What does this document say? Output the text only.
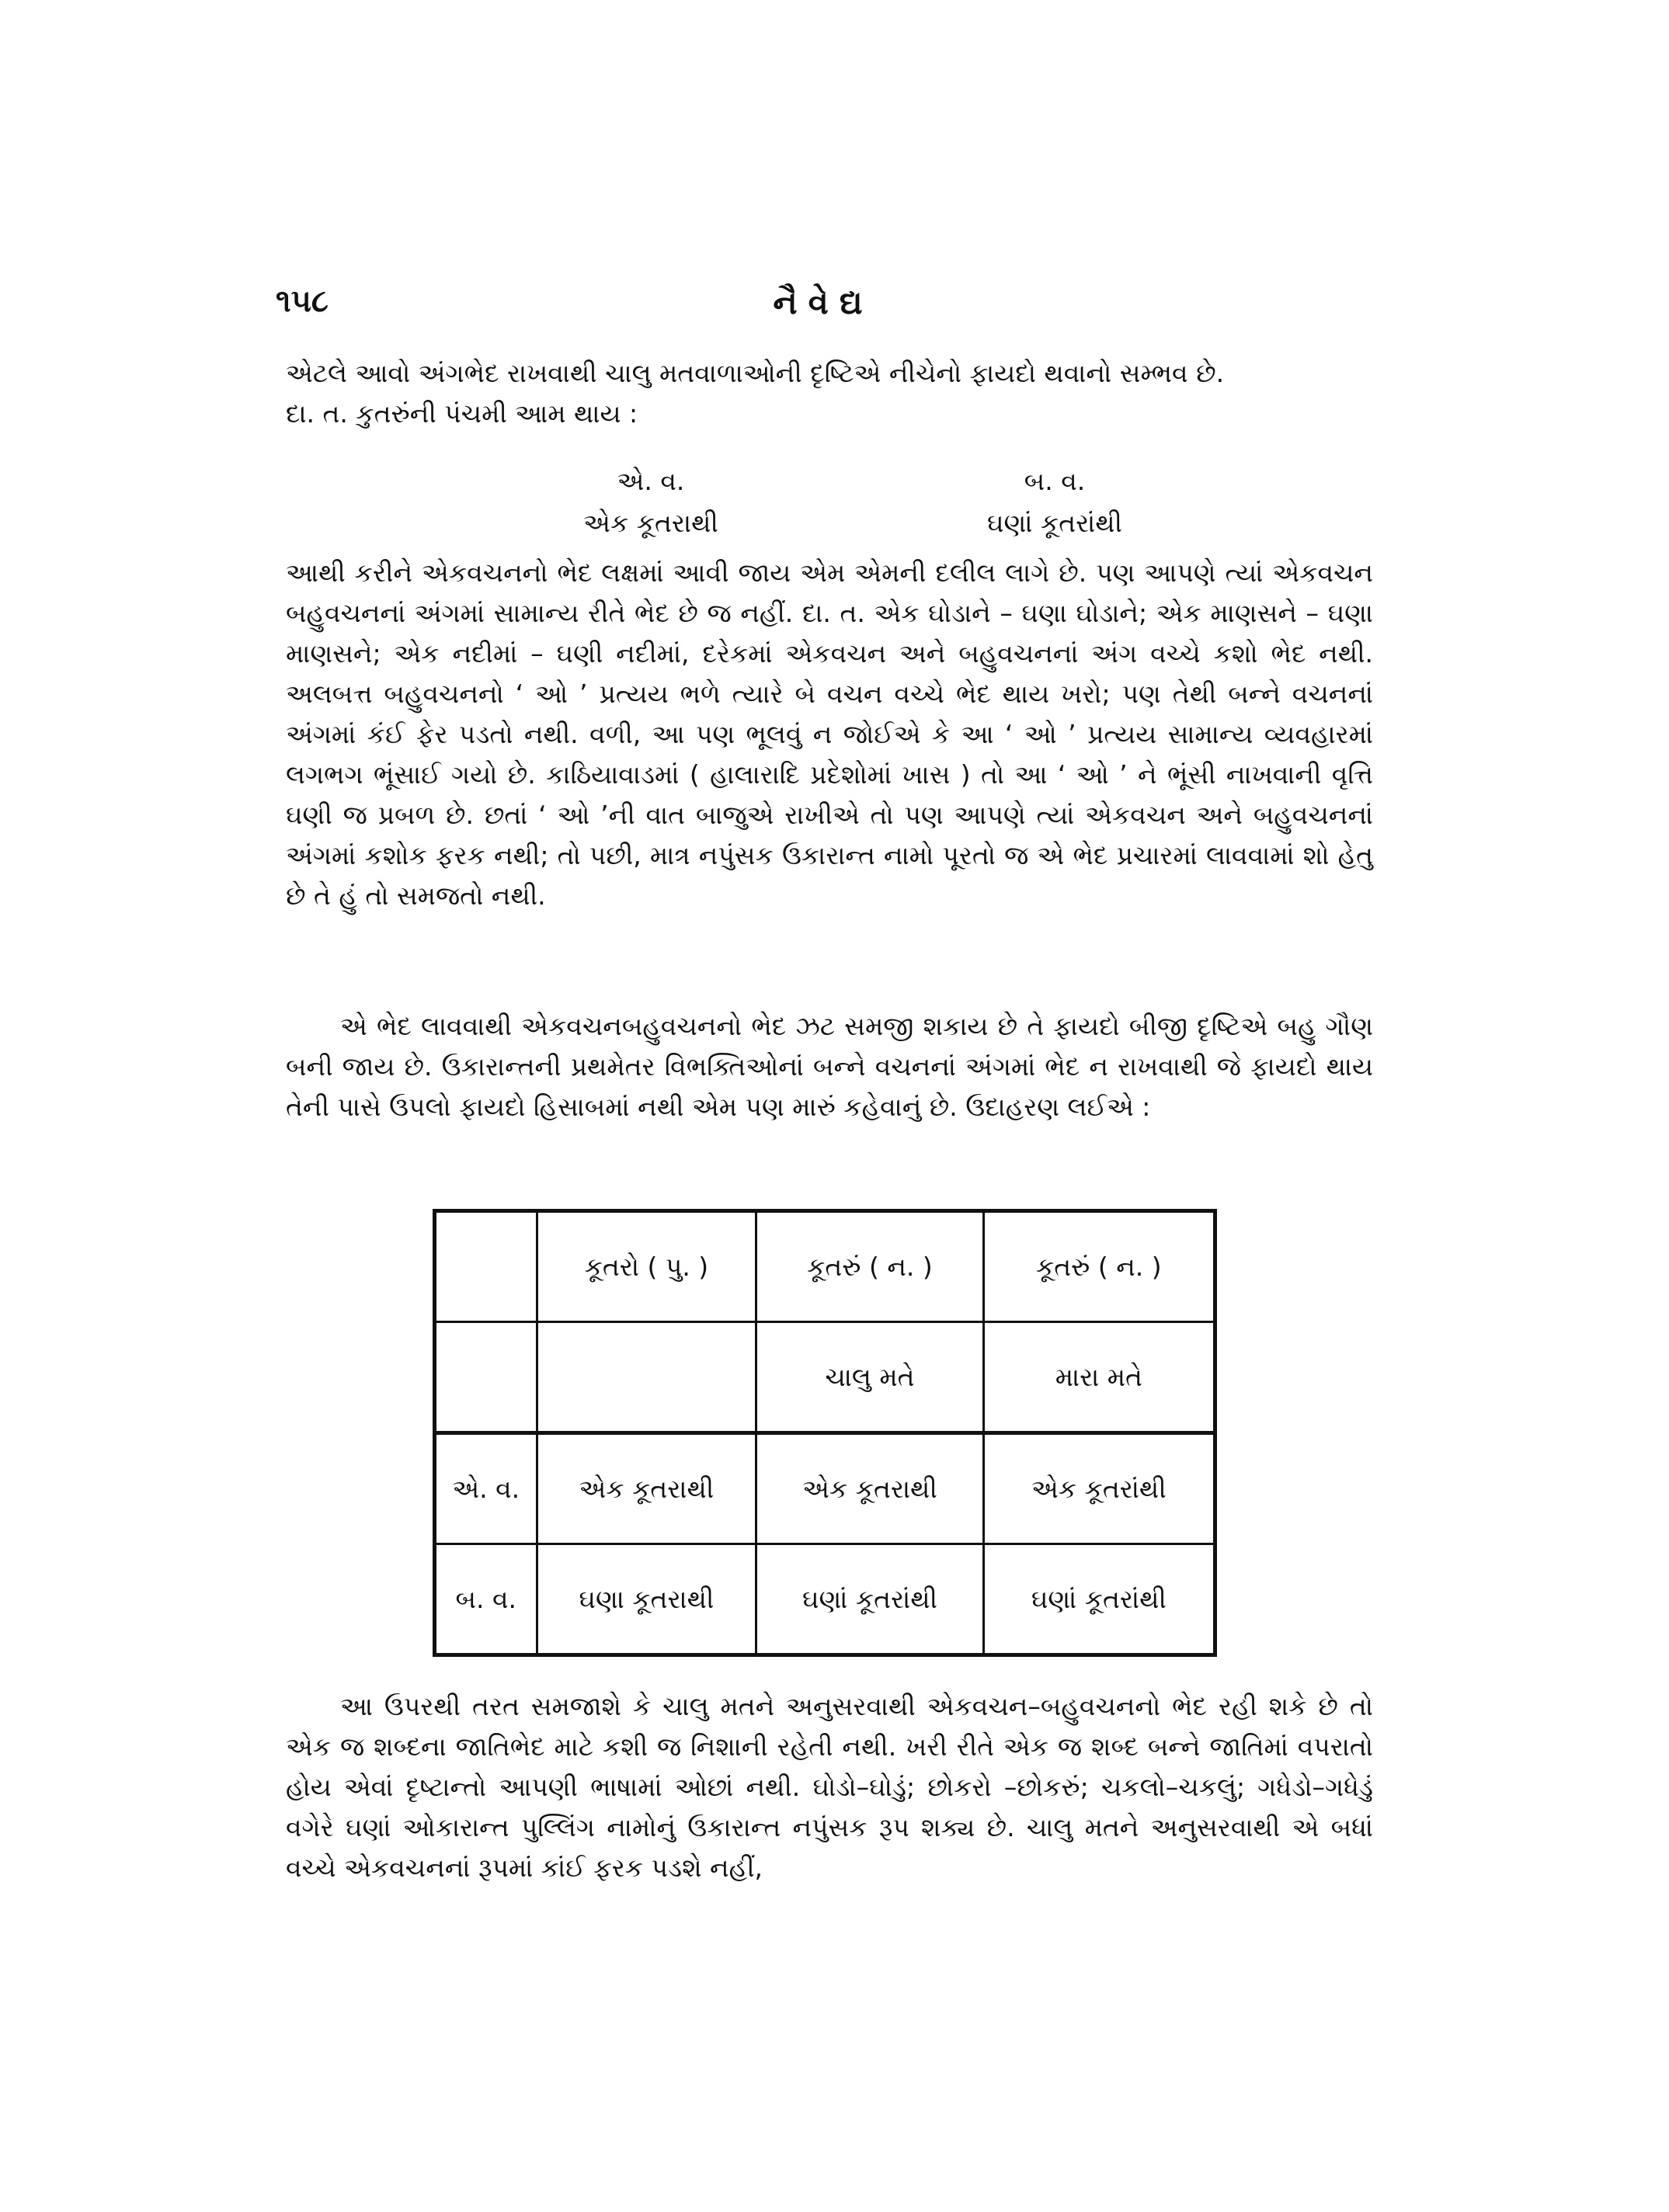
૧૫૮	નૈવેદ્ય

એટલે આવો અંગભેદ રાખવાથી ચાલુ મતવાળાઓની દૃષ્ટિએ નીચેનો ફાયદો થવાનો સમ્ભવ છે.

દા. ત. કુતરુંની પંચમી આમ થાય :

એ. વ.	બ. વ.
એક કૂતરાથી	ઘણાં કૂતરાંથી

આથી કરીને એકવચનનો ભેદ લક્ષમાં આવી જાય એમ એમની દલીલ લાગે છે. પણ આપણે ત્યાં એકવચન બહુવચનનાં અંગમાં સામાન્ય રીતે ભેદ છે જ નહીં. દા. ત. એક ઘોડાને – ઘણા ઘોડાને; એક માણસને – ઘણા માણસને; એક નદીમાં – ઘણી નદીમાં, દરેકમાં એકવચન અને બહુવચનનાં અંગ વચ્ચે કશો ભેદ નથી. અલબત્ત બહુવચનનો ‘ ઓ ’ પ્રત્યય ભળે ત્યારે બે વચન વચ્ચે ભેદ થાય ખરો; પણ તેથી બન્ને વચનનાં અંગમાં કંઈ ફેર પડતો નથી. વળી, આ પણ ભૂલવું ન જોઈએ કે આ ‘ ઓ ’ પ્રત્યય સામાન્ય વ્યવહારમાં લગભગ ભૂંસાઈ ગયો છે. કાઠિયાવાડમાં ( હાલારાદિ પ્રદેશોમાં ખાસ ) તો આ ‘ ઓ ’ ને ભૂંસી નાખવાની વૃત્તિ ઘણી જ પ્રબળ છે. છતાં ‘ ઓ ’ની વાત બાજુએ રાખીએ તો પણ આપણે ત્યાં એકવચન અને બહુવચનનાં અંગમાં કશોક ફરક નથી; તો પછી, માત્ર નપુંસક ઉકારાન્ત નામો પૂરતો જ એ ભેદ પ્રચારમાં લાવવામાં શો હેતુ છે તે હું તો સમજતો નથી.

એ ભેદ લાવવાથી એકવચનબહુવચનનો ભેદ ઝટ સમજી શકાય છે તે ફાયદો બીજી દૃષ્ટિએ બહુ ગૌણ બની જાય છે. ઉકારાન્તની પ્રથમેતર વિભક્તિઓનાં બન્ને વચનનાં અંગમાં ભેદ ન રાખવાથી જે ફાયદો થાય તેની પાસે ઉપલો ફાયદો હિસાબમાં નથી એમ પણ મારું કહેવાનું છે. ઉદાહરણ લઈએ :

	કૂતરો ( પુ. )	કૂતરું ( ન. )	કૂતરું ( ન. )
		ચાલુ મતે	મારા મતે
એ. વ.	એક કૂતરાથી	એક કૂતરાથી	એક કૂતરાંથી
બ. વ.	ઘણા કૂતરાથી	ઘણાં કૂતરાંથી	ઘણાં કૂતરાંથી

આ ઉપરથી તરત સમજાશે કે ચાલુ મતને અનુસરવાથી એકવચન–બહુવચનનો ભેદ રહી શકે છે તો એક જ શબ્દના જાતિભેદ માટે કશી જ નિશાની રહેતી નથી. ખરી રીતે એક જ શબ્દ બન્ને જાતિમાં વપરાતો હોય એવાં દૃષ્ટાન્તો આપણી ભાષામાં ઓછાં નથી. ઘોડો–ઘોડું; છોકરો –છોકરું; ચકલો–ચકલું; ગધેડો–ગધેડું વગેરે ઘણાં ઓકારાન્ત પુલ્લિંગ નામોનું ઉકારાન્ત નપુંસક રૂપ શક્ય છે. ચાલુ મતને અનુસરવાથી એ બધાં વચ્ચે એકવચનનાં રૂપમાં કાંઈ ફરક પડશે નહીં,
